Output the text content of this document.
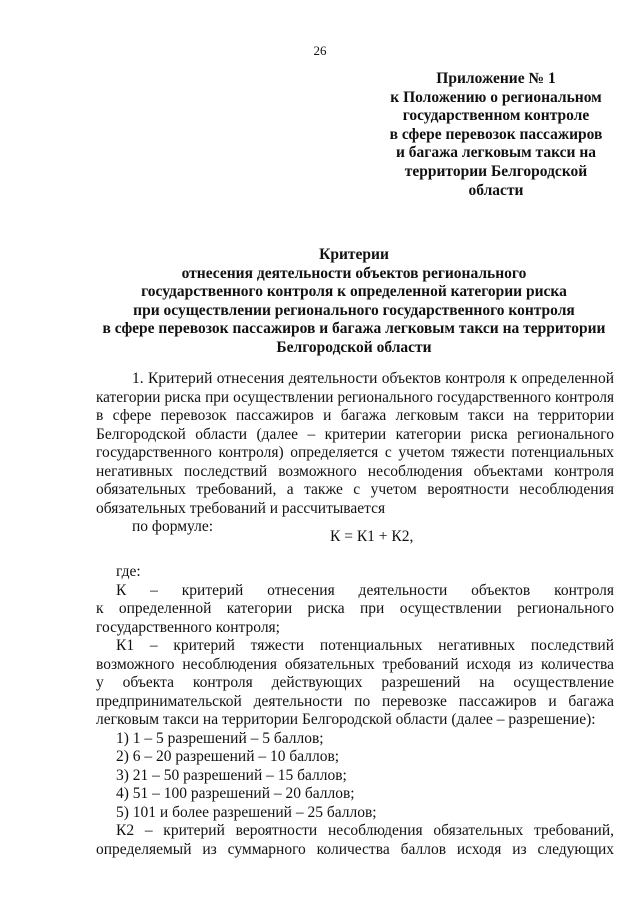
26
Приложение № 1
к Положению о региональном
государственном контроле
в сфере перевозок пассажиров
и багажа легковым такси на
территории Белгородской
области
Критерии
отнесения деятельности объектов регионального
государственного контроля к определенной категории риска
при осуществлении регионального государственного контроля
в сфере перевозок пассажиров и багажа легковым такси на территории
Белгородской области
1. Критерий отнесения деятельности объектов контроля к определенной
категории риска при осуществлении регионального государственного контроля
в сфере перевозок пассажиров и багажа легковым такси на территории
Белгородской области (далее – критерии категории риска регионального
государственного контроля) определяется с учетом тяжести потенциальных
негативных последствий возможного несоблюдения объектами контроля
обязательных требований, а также с учетом вероятности несоблюдения
обязательных требований и рассчитывается
по формуле:
К = К1 + К2,
где:
К – критерий отнесения деятельности объектов контроля
к определенной категории риска при осуществлении регионального
государственного контроля;
К1 – критерий тяжести потенциальных негативных последствий
возможного несоблюдения обязательных требований исходя из количества
у объекта контроля действующих разрешений на осуществление
предпринимательской деятельности по перевозке пассажиров и багажа
легковым такси на территории Белгородской области (далее – разрешение):
1) 1 – 5 разрешений – 5 баллов;
2) 6 – 20 разрешений – 10 баллов;
3) 21 – 50 разрешений – 15 баллов;
4) 51 – 100 разрешений – 20 баллов;
5) 101 и более разрешений – 25 баллов;
К2 – критерий вероятности несоблюдения обязательных требований,
определяемый из суммарного количества баллов исходя из следующих
